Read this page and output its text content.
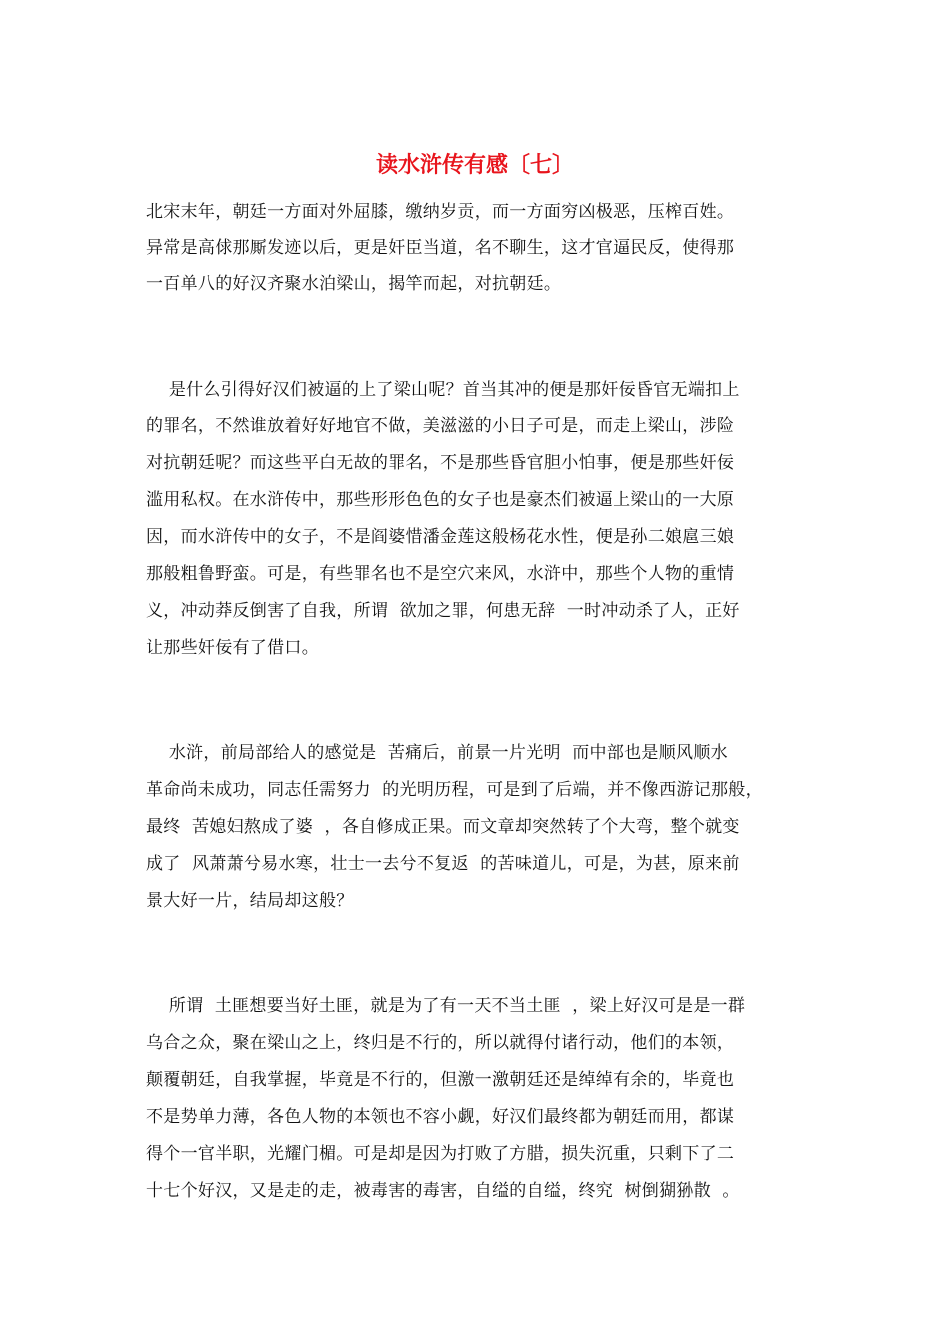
读水浒传有感〔七〕
北宋末年，朝廷一方面对外屈膝，缴纳岁贡，而一方面穷凶极恶，压榨百姓。
异常是高俅那厮发迹以后，更是奸臣当道，名不聊生，这才官逼民反，使得那
一百单八的好汉齐聚水泊梁山，揭竿而起，对抗朝廷。
是什么引得好汉们被逼的上了梁山呢？首当其冲的便是那奸佞昏官无端扣上
的罪名，不然谁放着好好地官不做，美滋滋的小日子可是，而走上梁山，涉险
对抗朝廷呢？而这些平白无故的罪名，不是那些昏官胆小怕事，便是那些奸佞
滥用私权。在水浒传中，那些形形色色的女子也是豪杰们被逼上梁山的一大原
因，而水浒传中的女子，不是阎婆惜潘金莲这般杨花水性，便是孙二娘扈三娘
那般粗鲁野蛮。可是，有些罪名也不是空穴来风，水浒中，那些个人物的重情
义，冲动莽反倒害了自我，所谓  欲加之罪，何患无辞  一时冲动杀了人，正好
让那些奸佞有了借口。
水浒，前局部给人的感觉是  苦痛后，前景一片光明  而中部也是顺风顺水
革命尚未成功，同志任需努力  的光明历程，可是到了后端，并不像西游记那般，
最终  苦媳妇熬成了婆  ，各自修成正果。而文章却突然转了个大弯，整个就变
成了  风萧萧兮易水寒，壮士一去兮不复返  的苦味道儿，可是，为甚，原来前
景大好一片，结局却这般？
所谓  土匪想要当好土匪，就是为了有一天不当土匪  ，梁上好汉可是是一群
乌合之众，聚在梁山之上，终归是不行的，所以就得付诸行动，他们的本领，
颠覆朝廷，自我掌握，毕竟是不行的，但激一激朝廷还是绰绰有余的，毕竟也
不是势单力薄，各色人物的本领也不容小觑，好汉们最终都为朝廷而用，都谋
得个一官半职，光耀门楣。可是却是因为打败了方腊，损失沉重，只剩下了二
十七个好汉，又是走的走，被毒害的毒害，自缢的自缢，终究  树倒猢狲散  。
